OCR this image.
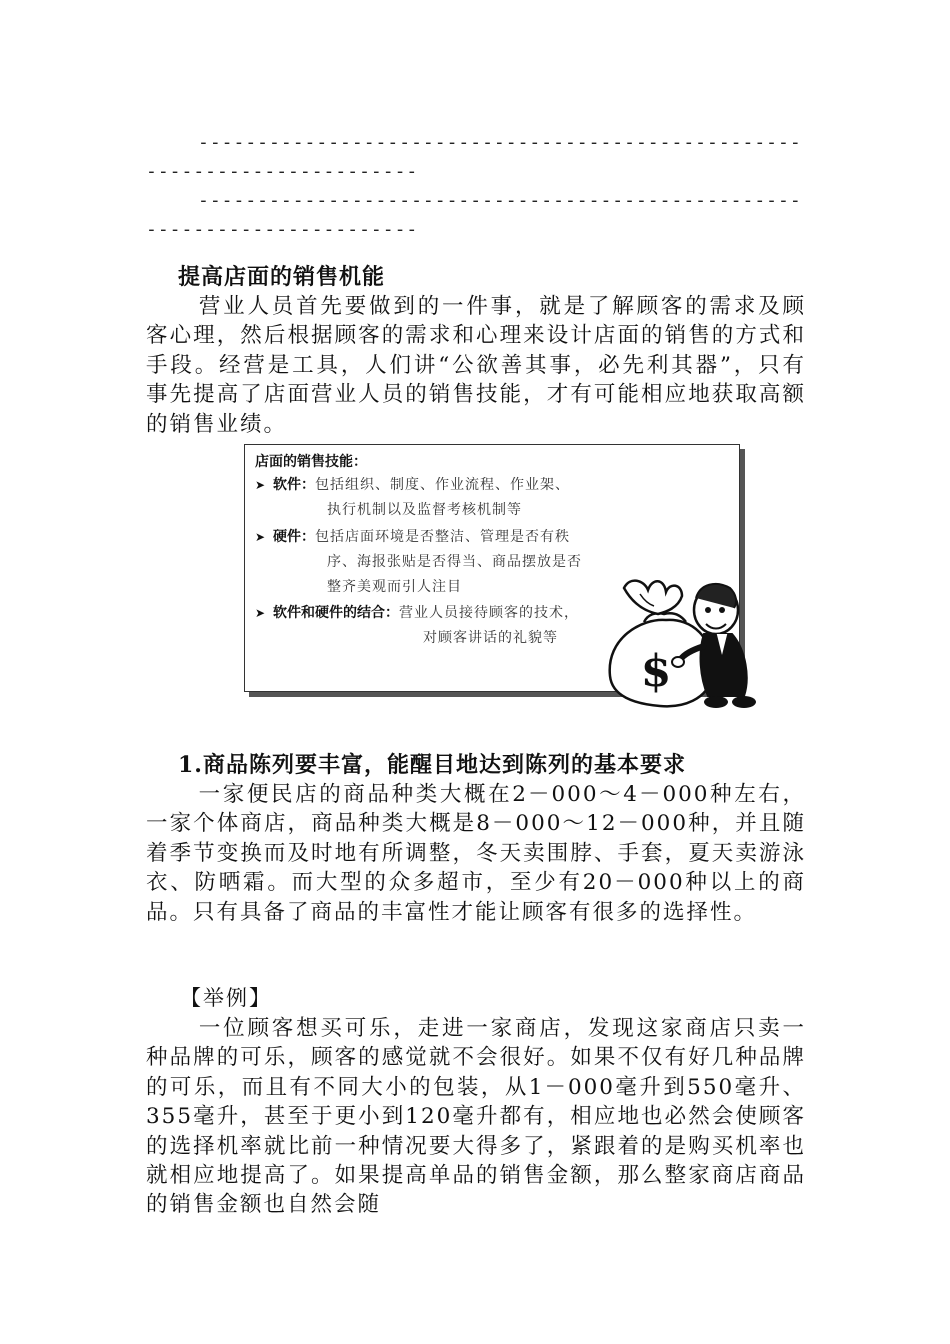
--------------------------------------------------------------------------
--------------------------------------------------------------------------
提高店面的销售机能
营业人员首先要做到的一件事，就是了解顾客的需求及顾客心理，然后根据顾客的需求和心理来设计店面的销售的方式和手段。经营是工具，人们讲“公欲善其事，必先利其器”，只有事先提高了店面营业人员的销售技能，才有可能相应地获取高额的销售业绩。
店面的销售技能：
➤ 软件：包括组织、制度、作业流程、作业架、
执行机制以及监督考核机制等
➤ 硬件：包括店面环境是否整洁、管理是否有秩
序、海报张贴是否得当、商品摆放是否
整齐美观而引人注目
➤ 软件和硬件的结合：营业人员接待顾客的技术，
对顾客讲话的礼貌等
$
1.商品陈列要丰富，能醒目地达到陈列的基本要求
一家便民店的商品种类大概在2－000～4－000种左右，一家个体商店，商品种类大概是8－000～12－000种，并且随着季节变换而及时地有所调整，冬天卖围脖、手套，夏天卖游泳衣、防晒霜。而大型的众多超市，至少有20－000种以上的商品。只有具备了商品的丰富性才能让顾客有很多的选择性。
【举例】
一位顾客想买可乐，走进一家商店，发现这家商店只卖一种品牌的可乐，顾客的感觉就不会很好。如果不仅有好几种品牌的可乐，而且有不同大小的包装，从1－000毫升到550毫升、355毫升，甚至于更小到120毫升都有，相应地也必然会使顾客的选择机率就比前一种情况要大得多了，紧跟着的是购买机率也就相应地提高了。如果提高单品的销售金额，那么整家商店商品的销售金额也自然会随
